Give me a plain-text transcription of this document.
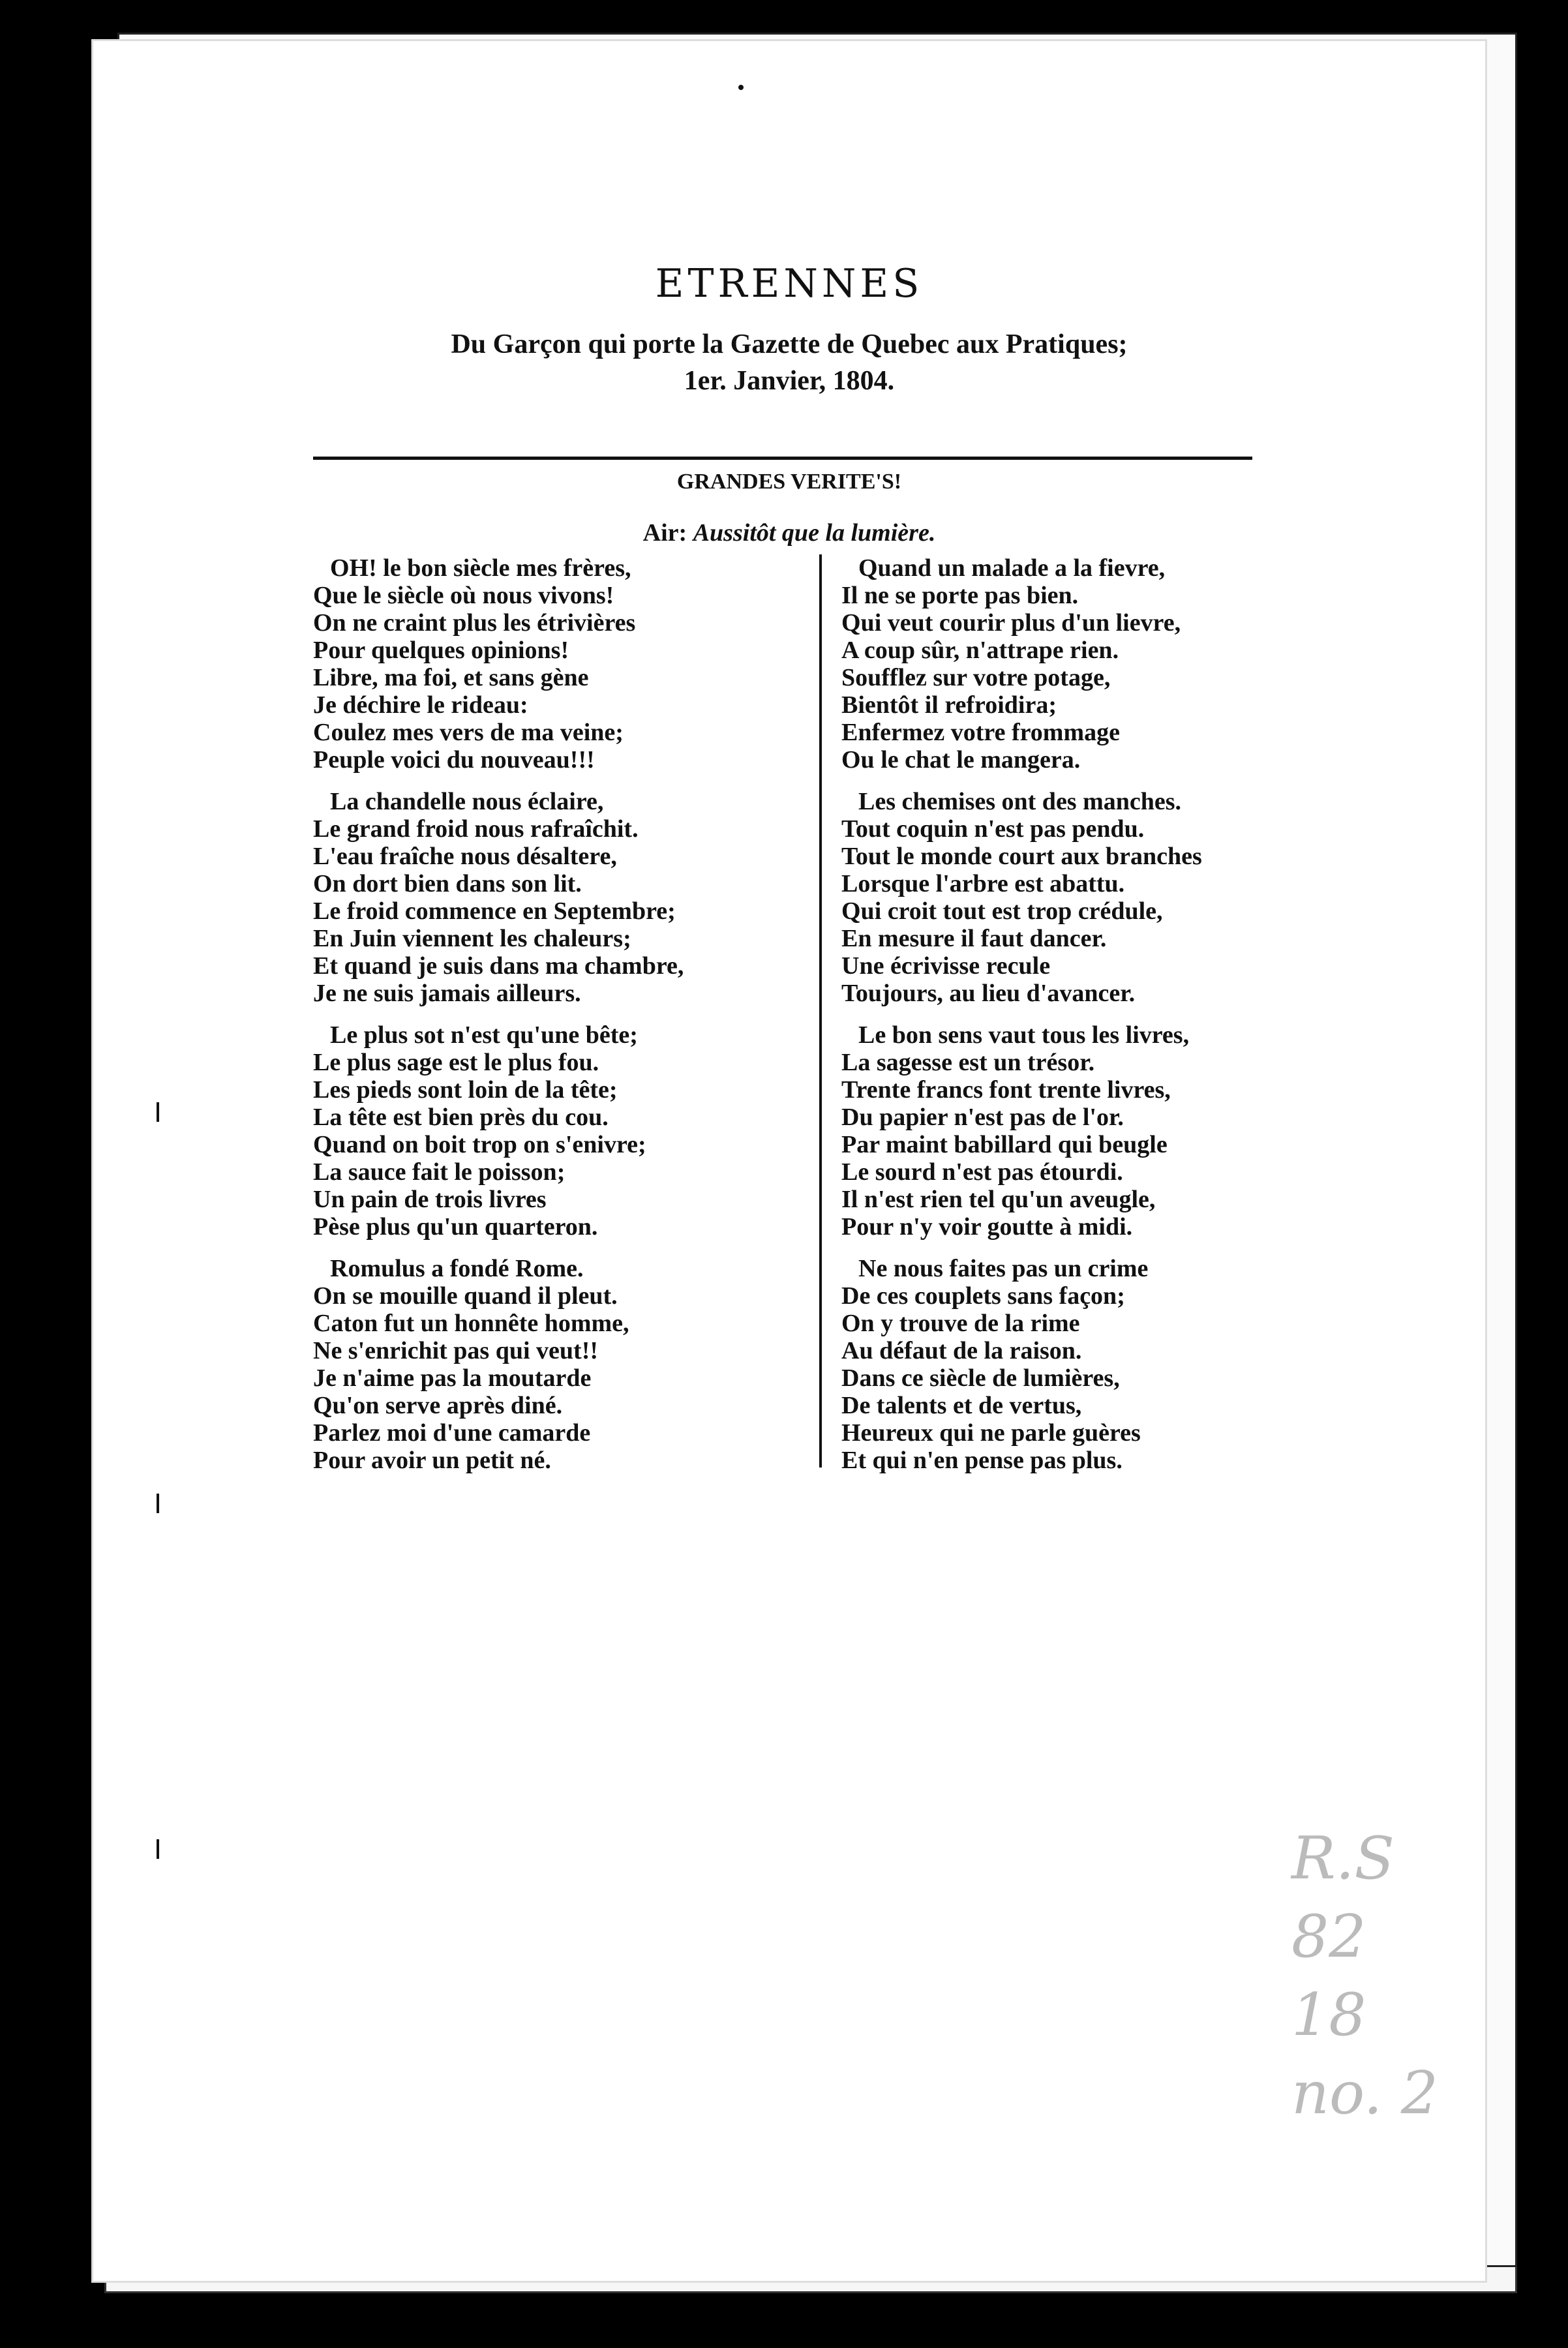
ETRENNES
Du Garçon qui porte la Gazette de Quebec aux Pratiques;
1er. Janvier, 1804.
GRANDES VERITE'S!
Air: Aussitôt que la lumière.
OH! le bon siècle mes frères,
Que le siècle où nous vivons!
On ne craint plus les étrivières
Pour quelques opinions!
Libre, ma foi, et sans gène
Je déchire le rideau:
Coulez mes vers de ma veine;
Peuple voici du nouveau!!!
La chandelle nous éclaire,
Le grand froid nous rafraîchit.
L'eau fraîche nous désaltere,
On dort bien dans son lit.
Le froid commence en Septembre;
En Juin viennent les chaleurs;
Et quand je suis dans ma chambre,
Je ne suis jamais ailleurs.
Le plus sot n'est qu'une bête;
Le plus sage est le plus fou.
Les pieds sont loin de la tête;
La tête est bien près du cou.
Quand on boit trop on s'enivre;
La sauce fait le poisson;
Un pain de trois livres
Pèse plus qu'un quarteron.
Romulus a fondé Rome.
On se mouille quand il pleut.
Caton fut un honnête homme,
Ne s'enrichit pas qui veut!!
Je n'aime pas la moutarde
Qu'on serve après diné.
Parlez moi d'une camarde
Pour avoir un petit né.
Quand un malade a la fievre,
Il ne se porte pas bien.
Qui veut courir plus d'un lievre,
A coup sûr, n'attrape rien.
Soufflez sur votre potage,
Bientôt il refroidira;
Enfermez votre frommage
Ou le chat le mangera.
Les chemises ont des manches.
Tout coquin n'est pas pendu.
Tout le monde court aux branches
Lorsque l'arbre est abattu.
Qui croit tout est trop crédule,
En mesure il faut dancer.
Une écrivisse recule
Toujours, au lieu d'avancer.
Le bon sens vaut tous les livres,
La sagesse est un trésor.
Trente francs font trente livres,
Du papier n'est pas de l'or.
Par maint babillard qui beugle
Le sourd n'est pas étourdi.
Il n'est rien tel qu'un aveugle,
Pour n'y voir goutte à midi.
Ne nous faites pas un crime
De ces couplets sans façon;
On y trouve de la rime
Au défaut de la raison.
Dans ce siècle de lumières,
De talents et de vertus,
Heureux qui ne parle guères
Et qui n'en pense pas plus.
R.S
82
18
no. 2
